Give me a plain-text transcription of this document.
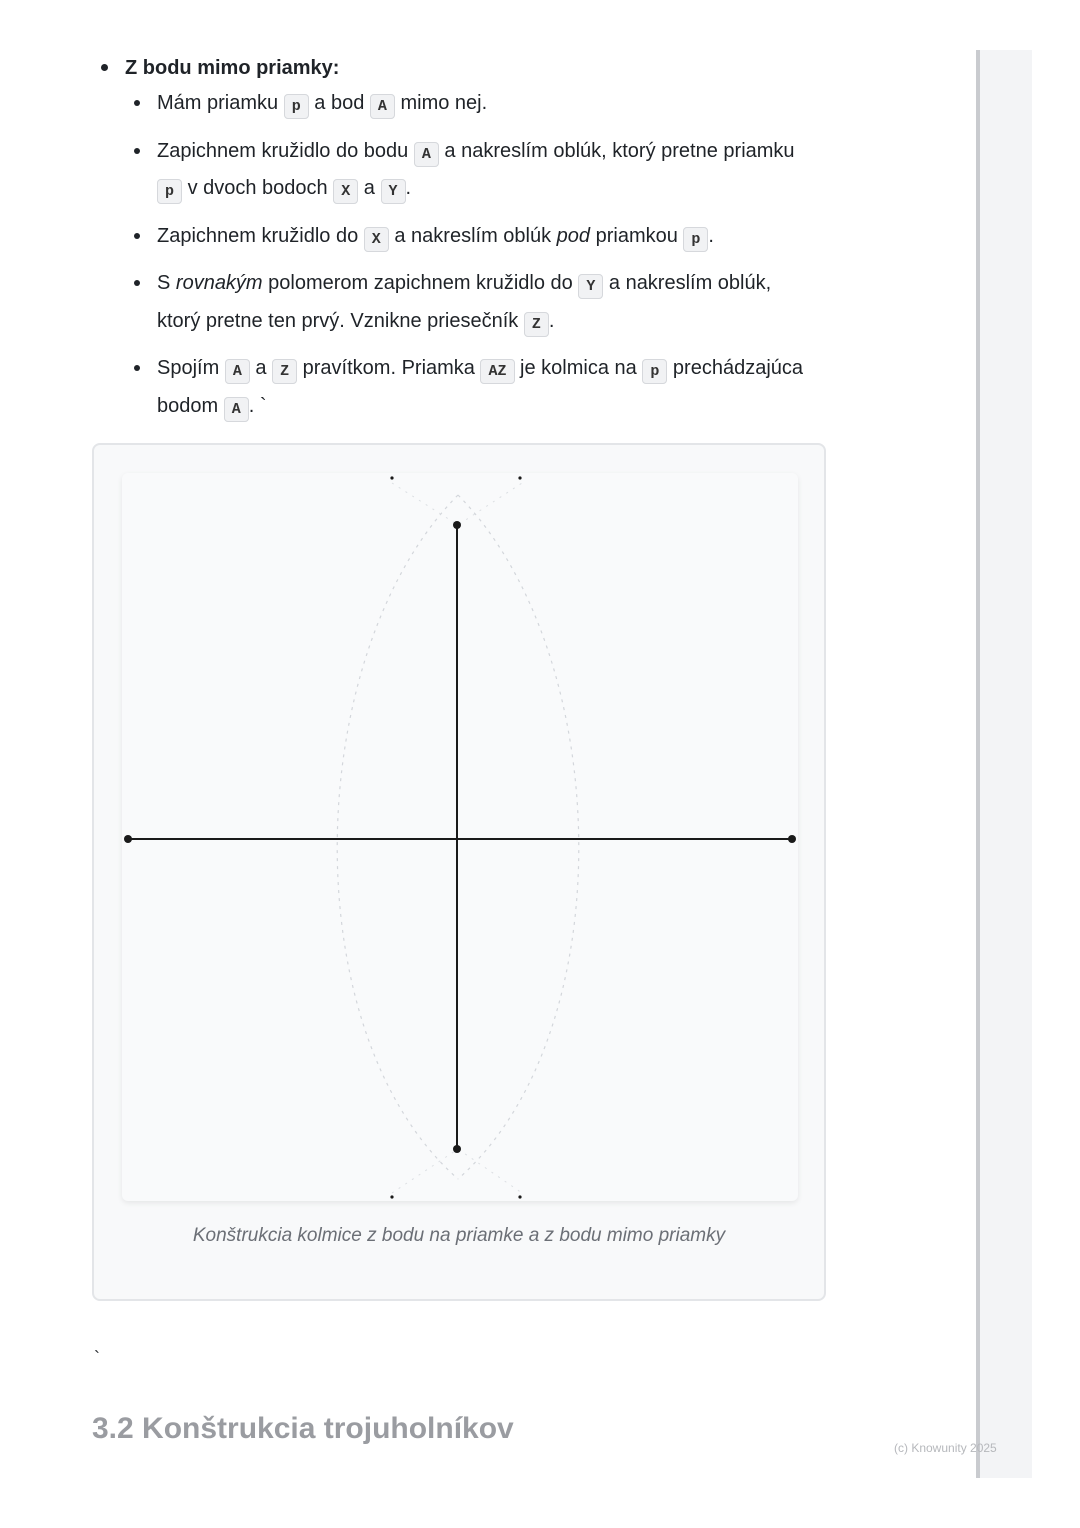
Z bodu mimo priamky:
Mám priamku p a bod A mimo nej.
Zapichnem kružidlo do bodu A a nakreslím oblúk, ktorý pretne priamku p v dvoch bodoch X a Y .
Zapichnem kružidlo do X a nakreslím oblúk pod priamkou p .
S rovnakým polomerom zapichnem kružidlo do Y a nakreslím oblúk, ktorý pretne ten prvý. Vznikne priesečník Z .
Spojím A a Z pravítkom. Priamka AZ je kolmica na p prechádzajúca bodom A . `
Konštrukcia kolmice z bodu na priamke a z bodu mimo priamky
`
3.2 Konštrukcia trojuholníkov
(c) Knowunity 2025
